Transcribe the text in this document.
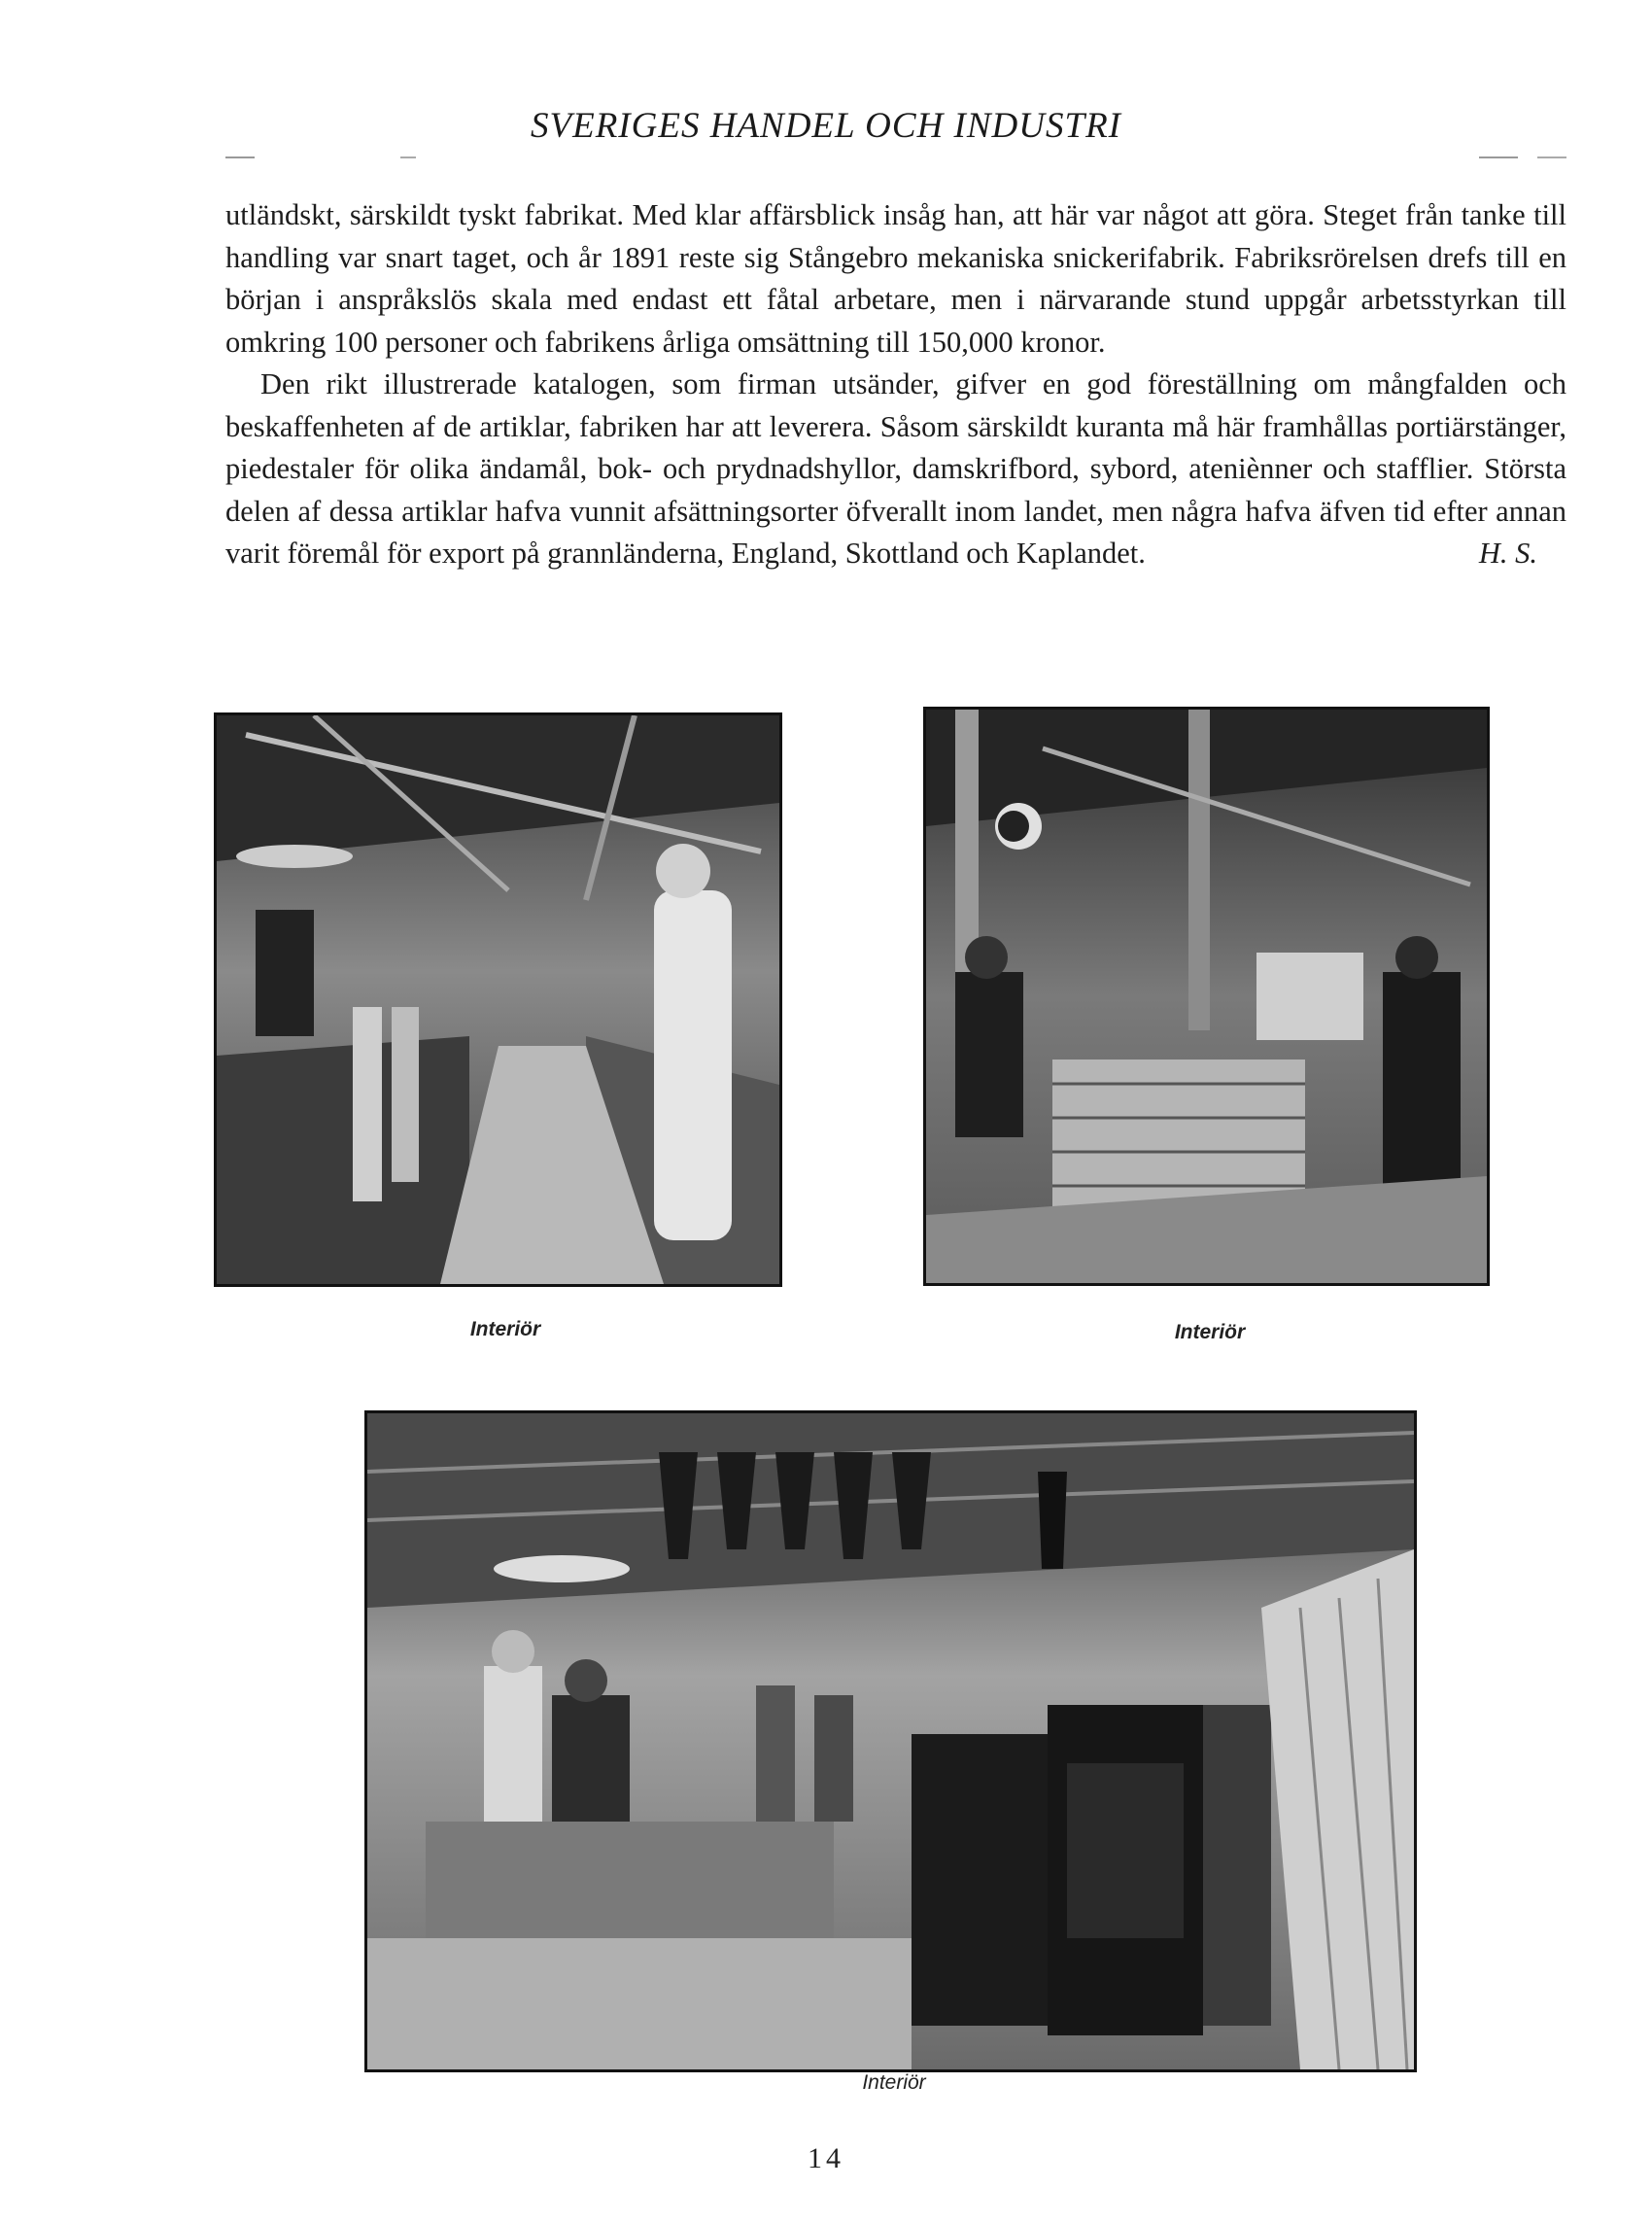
SVERIGES HANDEL OCH INDUSTRI

utländskt, särskildt tyskt fabrikat. Med klar affärsblick insåg han, att här var något att göra. Steget från tanke till handling var snart taget, och år 1891 reste sig Stångebro mekaniska snickerifabrik. Fabriksrörelsen drefs till en början i anspråkslös skala med endast ett fåtal arbetare, men i närvarande stund uppgår arbetsstyrkan till omkring 100 personer och fabrikens årliga omsättning till 150,000 kronor.

Den rikt illustrerade katalogen, som firman utsänder, gifver en god föreställning om mångfalden och beskaffenheten af de artiklar, fabriken har att leverera. Såsom särskildt kuranta må här framhållas portiärstänger, piedestaler för olika ändamål, bok- och prydnadshyllor, damskrifbord, sybord, ateniènner och stafflier. Största delen af dessa artiklar hafva vunnit afsättningsorter öfverallt inom landet, men några hafva äfven tid efter annan varit föremål för export på grannländerna, England, Skottland och Kaplandet.	H. S.

Interiör	Interiör
Interiör
14
